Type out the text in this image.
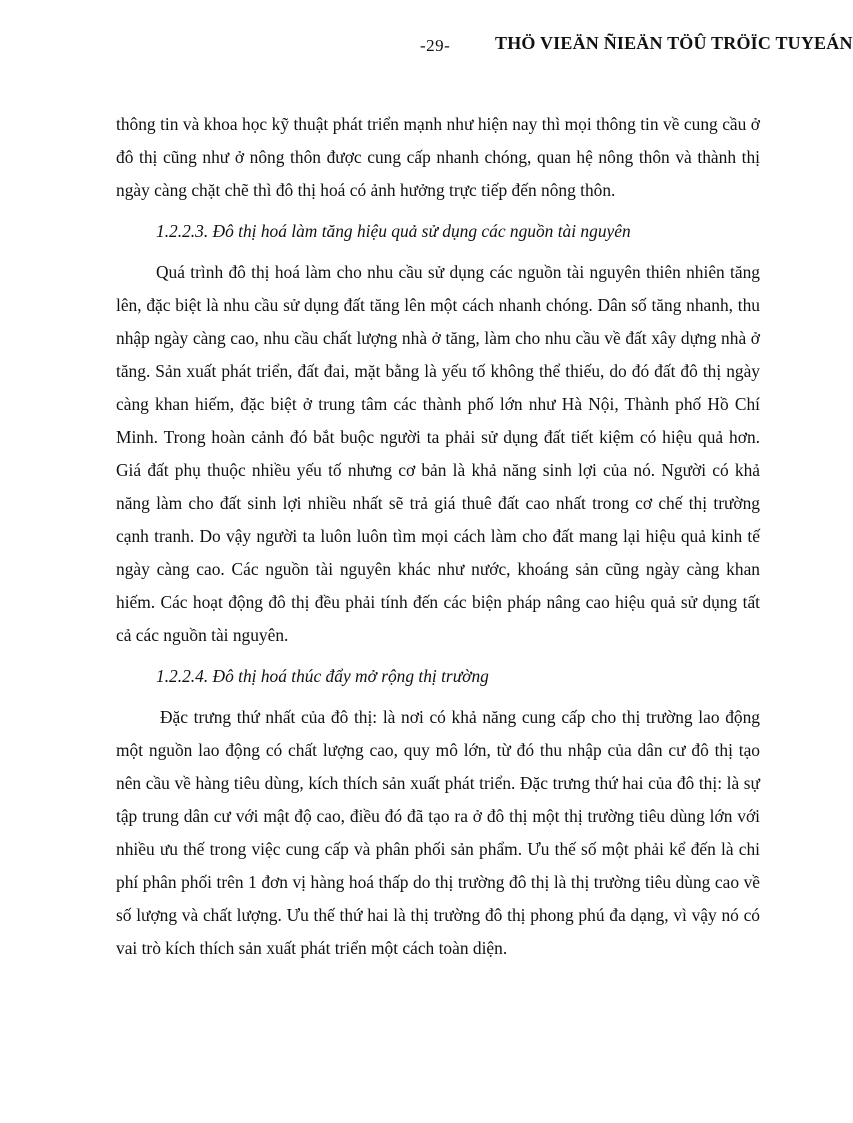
-29- THÖ VIEÄN ÑIEÄN TÖÛ TRÖÏC TUYEÁN

thông tin và khoa học kỹ thuật phát triển mạnh như hiện nay thì mọi thông tin về cung cầu ở đô thị cũng như ở nông thôn được cung cấp nhanh chóng, quan hệ nông thôn và thành thị ngày càng chặt chẽ thì đô thị hoá có ảnh hưởng trực tiếp đến nông thôn.

1.2.2.3. Đô thị hoá làm tăng hiệu quả sử dụng các nguồn tài nguyên

Quá trình đô thị hoá làm cho nhu cầu sử dụng các nguồn tài nguyên thiên nhiên tăng lên, đặc biệt là nhu cầu sử dụng đất tăng lên một cách nhanh chóng. Dân số tăng nhanh, thu nhập ngày càng cao, nhu cầu chất lượng nhà ở tăng, làm cho nhu cầu về đất xây dựng nhà ở tăng. Sản xuất phát triển, đất đai, mặt bằng là yếu tố không thể thiếu, do đó đất đô thị ngày càng khan hiếm, đặc biệt ở trung tâm các thành phố lớn như Hà Nội, Thành phố Hồ Chí Minh. Trong hoàn cảnh đó bắt buộc người ta phải sử dụng đất tiết kiệm có hiệu quả hơn. Giá đất phụ thuộc nhiều yếu tố nhưng cơ bản là khả năng sinh lợi của nó. Người có khả năng làm cho đất sinh lợi nhiều nhất sẽ trả giá thuê đất cao nhất trong cơ chế thị trường cạnh tranh. Do vậy người ta luôn luôn tìm mọi cách làm cho đất mang lại hiệu quả kinh tế ngày càng cao. Các nguồn tài nguyên khác như nước, khoáng sản cũng ngày càng khan hiếm. Các hoạt động đô thị đều phải tính đến các biện pháp nâng cao hiệu quả sử dụng tất cả các nguồn tài nguyên.

1.2.2.4. Đô thị hoá thúc đẩy mở rộng thị trường

Đặc trưng thứ nhất của đô thị: là nơi có khả năng cung cấp cho thị trường lao động một nguồn lao động có chất lượng cao, quy mô lớn, từ đó thu nhập của dân cư đô thị tạo nên cầu về hàng tiêu dùng, kích thích sản xuất phát triển. Đặc trưng thứ hai của đô thị: là sự tập trung dân cư với mật độ cao, điều đó đã tạo ra ở đô thị một thị trường tiêu dùng lớn với nhiều ưu thế trong việc cung cấp và phân phối sản phẩm. Ưu thế số một phải kể đến là chi phí phân phối trên 1 đơn vị hàng hoá thấp do thị trường đô thị là thị trường tiêu dùng cao về số lượng và chất lượng. Ưu thế thứ hai là thị trường đô thị phong phú đa dạng, vì vậy nó có vai trò kích thích sản xuất phát triển một cách toàn diện.
